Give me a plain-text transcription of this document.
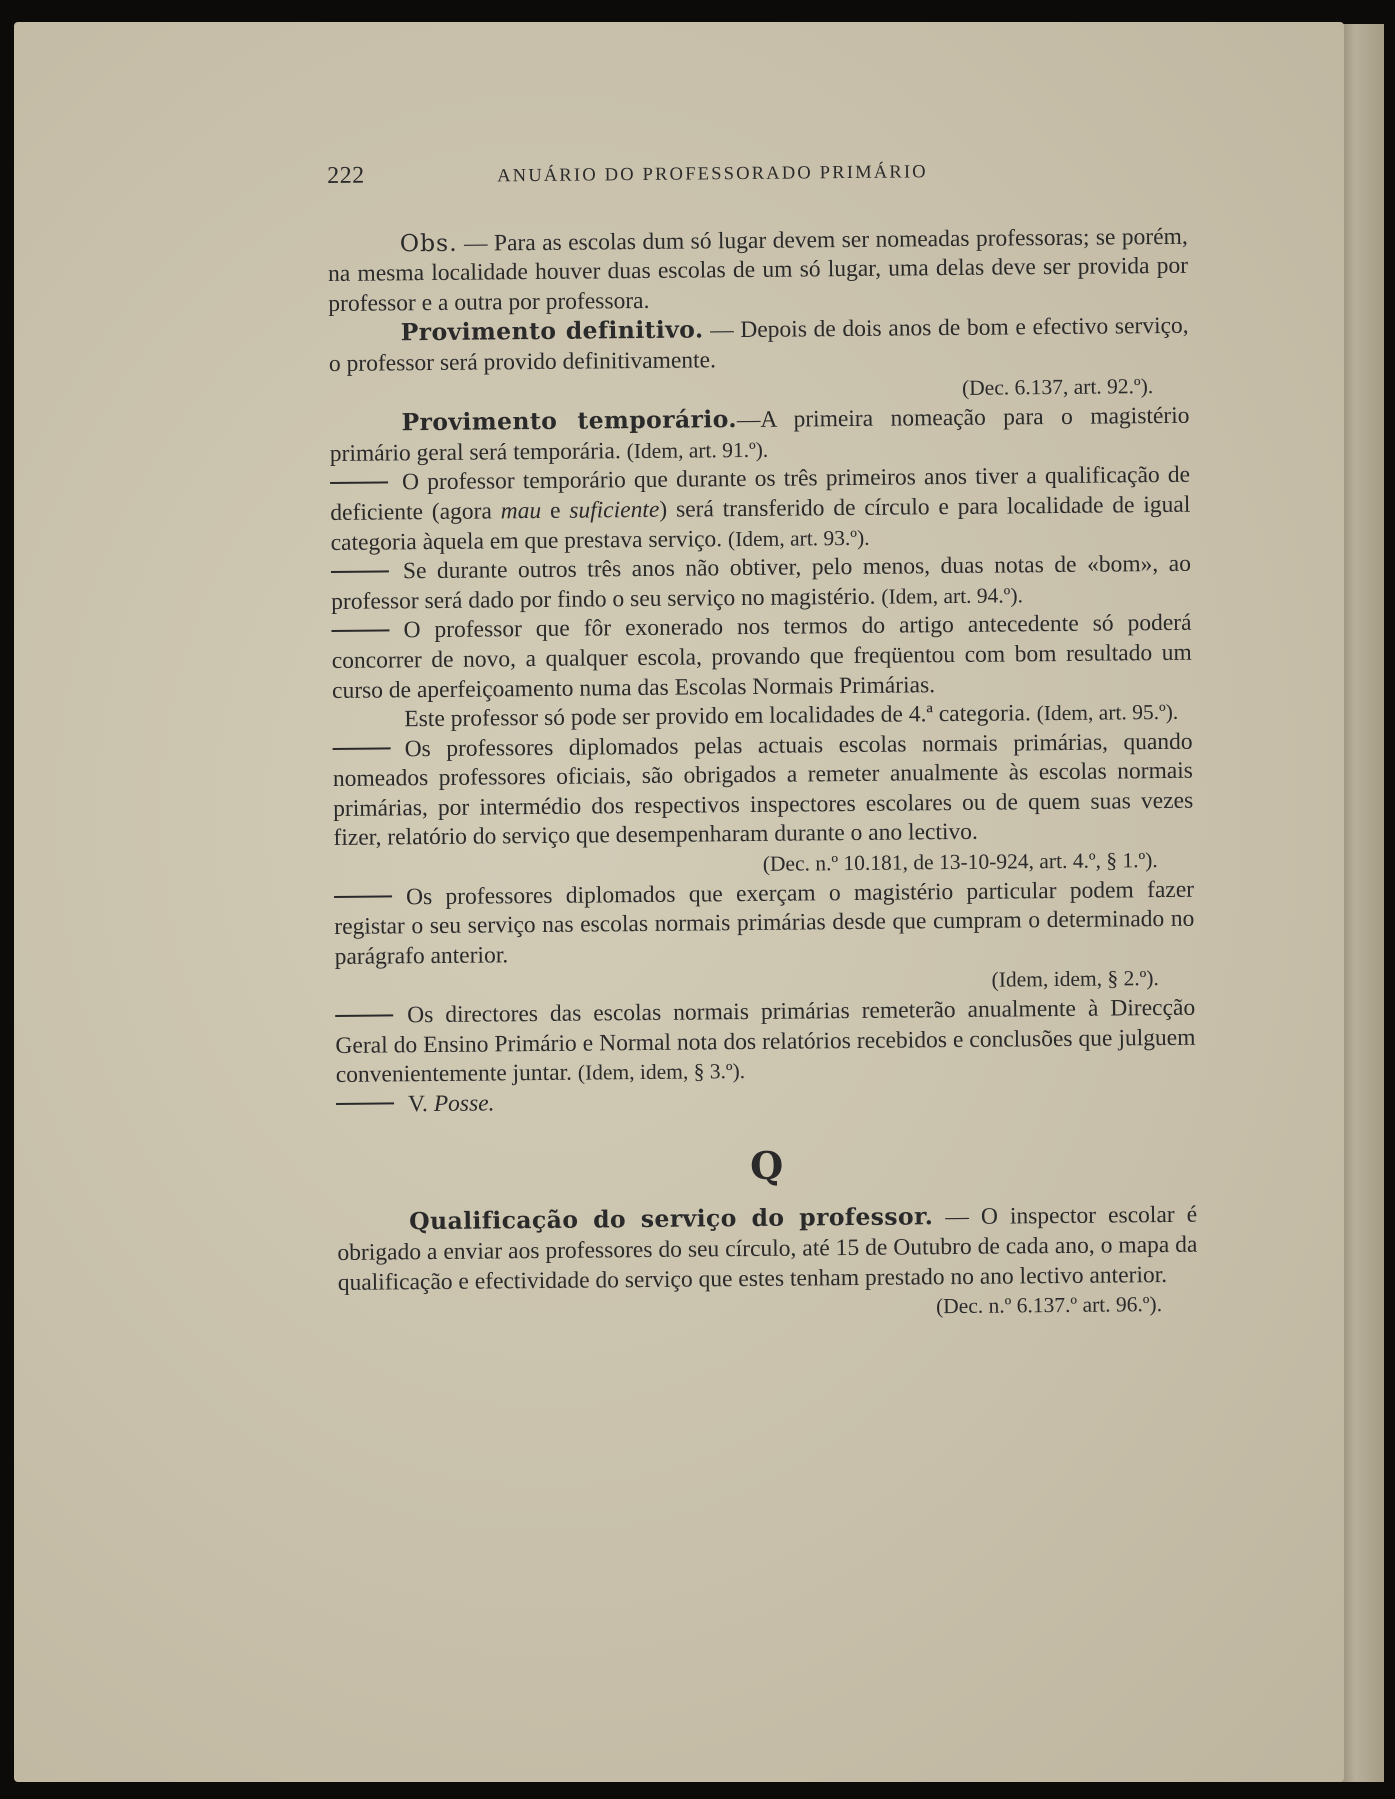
222	ANUÁRIO DO PROFESSORADO PRIMÁRIO

Obs. — Para as escolas dum só lugar devem ser nomeadas professoras; se porém, na mesma localidade houver duas escolas de um só lugar, uma delas deve ser provida por professor e a outra por professora.

Provimento definitivo. — Depois de dois anos de bom e efectivo serviço, o professor será provido definitivamente.

(Dec. 6.137, art. 92.º).

Provimento temporário.—A primeira nomeação para o magistério primário geral será temporária. (Idem, art. 91.º).

O professor temporário que durante os três primeiros anos tiver a qualificação de deficiente (agora mau e suficiente) será transferido de círculo e para localidade de igual categoria àquela em que prestava serviço. (Idem, art. 93.º).

Se durante outros três anos não obtiver, pelo menos, duas notas de «bom», ao professor será dado por findo o seu serviço no magistério. (Idem, art. 94.º).

O professor que fôr exonerado nos termos do artigo antecedente só poderá concorrer de novo, a qualquer escola, provando que freqüentou com bom resultado um curso de aperfeiçoamento numa das Escolas Normais Primárias.

Este professor só pode ser provido em localidades de 4.ª categoria. (Idem, art. 95.º).

Os professores diplomados pelas actuais escolas normais primárias, quando nomeados professores oficiais, são obrigados a remeter anualmente às escolas normais primárias, por intermédio dos respectivos inspectores escolares ou de quem suas vezes fizer, relatório do serviço que desempenharam durante o ano lectivo.

(Dec. n.º 10.181, de 13-10-924, art. 4.º, § 1.º).

Os professores diplomados que exerçam o magistério particular podem fazer registar o seu serviço nas escolas normais primárias desde que cumpram o determinado no parágrafo anterior.

(Idem, idem, § 2.º).

Os directores das escolas normais primárias remeterão anualmente à Direcção Geral do Ensino Primário e Normal nota dos relatórios recebidos e conclusões que julguem convenientemente juntar. (Idem, idem, § 3.º).

V. Posse.

Q

Qualificação do serviço do professor. — O inspector escolar é obrigado a enviar aos professores do seu círculo, até 15 de Outubro de cada ano, o mapa da qualificação e efectividade do serviço que estes tenham prestado no ano lectivo anterior.

(Dec. n.º 6.137.º art. 96.º).
